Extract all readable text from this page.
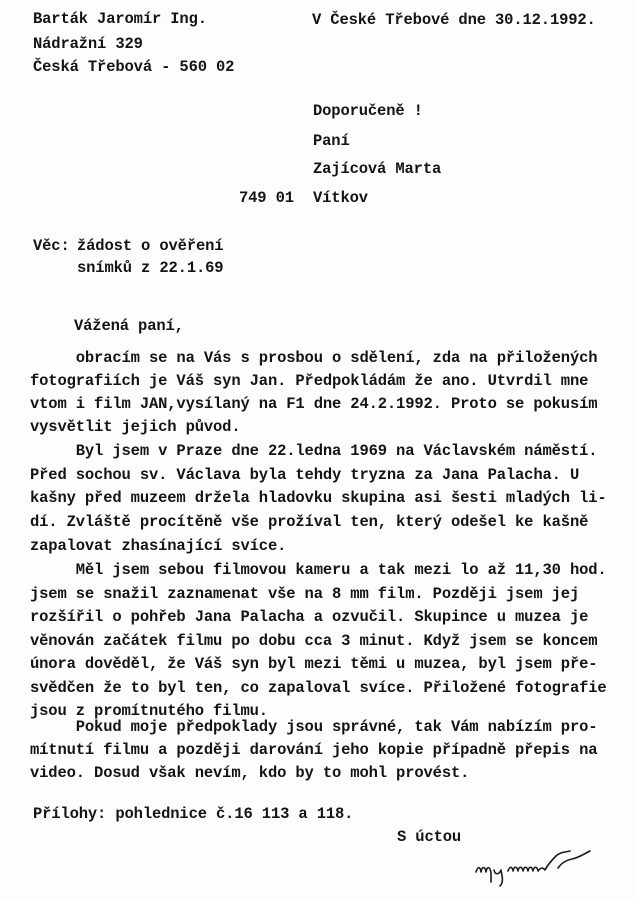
Barták Jaromír Ing.
Nádražní 329
Česká Třebová - 560 02
V České Třebové dne 30.12.1992.
Doporučeně !
Paní
Zajícová Marta
749 01 Vítkov
Věc: žádost o ověření
snímků z 22.1.69
Vážená paní,
obracím se na Vás s prosbou o sdělení, zda na přiložených
fotografiích je Váš syn Jan. Předpokládám že ano. Utvrdil mne
vtom i film JAN,vysílaný na F1 dne 24.2.1992. Proto se pokusím
vysvětlit jejich původ.
Byl jsem v Praze dne 22.ledna 1969 na Václavském náměstí.
Před sochou sv. Václava byla tehdy tryzna za Jana Palacha. U
kašny před muzeem držela hladovku skupina asi šesti mladých li-
dí. Zvláště procítěně vše prožíval ten, který odešel ke kašně
zapalovat zhasínající svíce.
Měl jsem sebou filmovou kameru a tak mezi lo až 11,30 hod.
jsem se snažil zaznamenat vše na 8 mm film. Později jsem jej
rozšířil o pohřeb Jana Palacha a ozvučil. Skupince u muzea je
věnován začátek filmu po dobu cca 3 minut. Když jsem se koncem
února dověděl, že Váš syn byl mezi těmi u muzea, byl jsem pře-
svědčen že to byl ten, co zapaloval svíce. Přiložené fotografie
jsou z promítnutého filmu.
Pokud moje předpoklady jsou správné, tak Vám nabízím pro-
mítnutí filmu a později darování jeho kopie případně přepis na
video. Dosud však nevím, kdo by to mohl provést.
Přílohy: pohlednice č.16 113 a 118.
S úctou
